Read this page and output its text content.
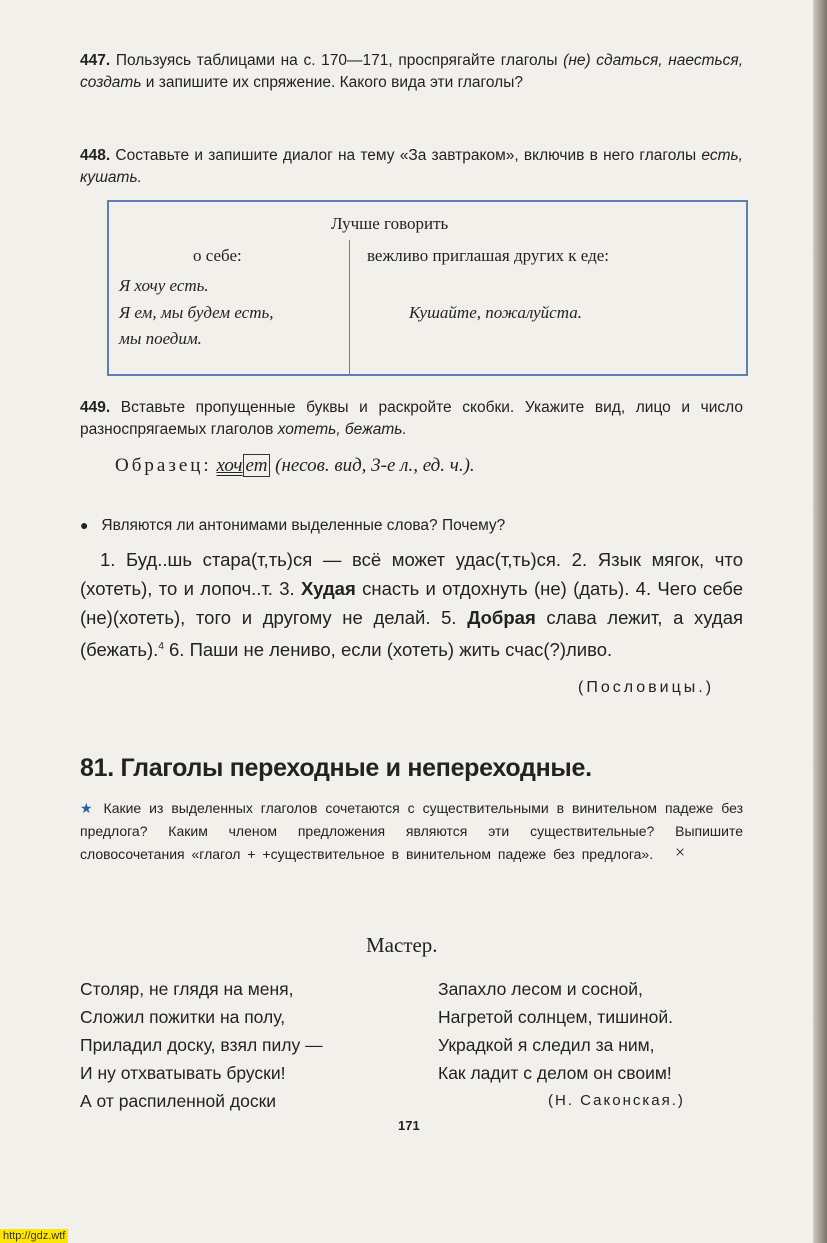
447. Пользуясь таблицами на с. 170—171, проспрягайте глаголы (не) сдаться, наесться, создать и запишите их спряжение. Какого вида эти глаголы?
448. Составьте и запишите диалог на тему «За завтраком», включив в него глаголы есть, кушать.
Лучше говорить
о себе:	вежливо приглашая других к еде:
Я хочу есть.
Я ем, мы будем есть,
мы поедим.
Кушайте, пожалуйста.
449. Вставьте пропущенные буквы и раскройте скобки. Укажите вид, лицо и число разноспрягаемых глаголов хотеть, бежать.
Образец: хоч ет (несов. вид, 3-е л., ед. ч.).
● Являются ли антонимами выделенные слова? Почему?
1. Буд..шь стара(т,ть)ся — всё может удас(т,ть)ся. 2. Язык мягок, что (хотеть), то и лопоч..т. 3. Худая снасть и отдохнуть (не) (дать). 4. Чего себе (не)(хотеть), того и другому не делай. 5. Добрая слава лежит, а худая (бежать).$^4$ 6. Паши не лениво, если (хотеть) жить счас(?)ливо.
(Пословицы.)
81. Глаголы переходные и непереходные.
★ Какие из выделенных глаголов сочетаются с существительными в винительном падеже без предлога? Каким членом предложения являются эти существительные? Выпишите словосочетания «глагол + +существительное в винительном падеже без предлога».	×
Мастер.
Столяр, не глядя на меня,
Сложил пожитки на полу,
Приладил доску, взял пилу —
И ну отхватывать бруски!
А от распиленной доски
Запахло лесом и сосной,
Нагретой солнцем, тишиной.
Украдкой я следил за ним,
Как ладит с делом он своим!
(Н. Саконская.)
171
http://gdz.wtf
